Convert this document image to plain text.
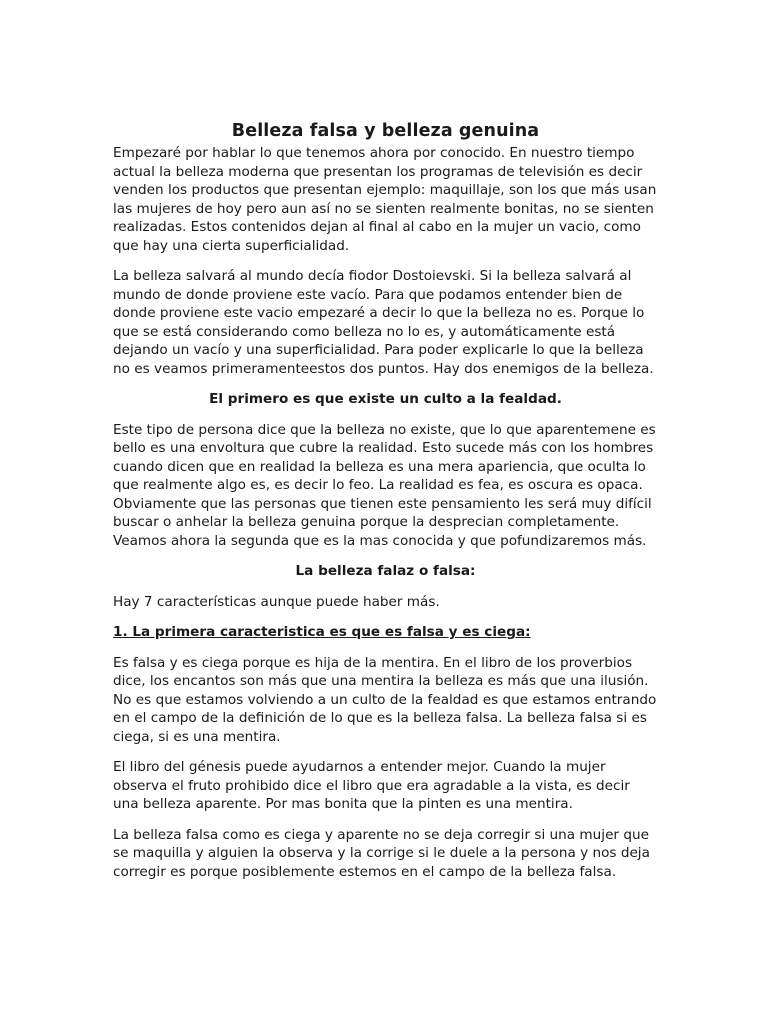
Belleza falsa y belleza genuina

Empezaré por hablar lo que tenemos ahora por conocido. En nuestro tiempo actual la belleza moderna que presentan los programas de televisión es decir venden los productos que presentan ejemplo: maquillaje, son los que más usan las mujeres de hoy pero aun así no se sienten realmente bonitas, no se sienten realizadas. Estos contenidos dejan al final al cabo en la mujer un vacio, como que hay una cierta superficialidad.

La belleza salvará al mundo decía fiodor Dostoievski. Si la belleza salvará al mundo de donde proviene este vacío. Para que podamos entender bien de donde proviene este vacio empezaré a decir lo que la belleza no es. Porque lo que se está considerando como belleza no lo es, y automáticamente está dejando un vacío y una superficialidad. Para poder explicarle lo que la belleza no es veamos primeramenteestos dos puntos. Hay dos enemigos de la belleza.

El primero es que existe un culto a la fealdad.

Este tipo de persona dice que la belleza no existe, que lo que aparentemene es bello es una envoltura que cubre la realidad. Esto sucede más con los hombres cuando dicen que en realidad la belleza es una mera apariencia, que oculta lo que realmente algo es, es decir lo feo. La realidad es fea, es oscura es opaca. Obviamente que las personas que tienen este pensamiento les será muy difícil buscar o anhelar la belleza genuina porque la desprecian completamente. Veamos ahora la segunda que es la mas conocida y que pofundizaremos más.

La belleza falaz o falsa:

Hay 7 características aunque puede haber más.

1. La primera caracteristica es que es falsa y es ciega:

Es falsa y es ciega porque es hija de la mentira. En el libro de los proverbios dice, los encantos son más que una mentira la belleza es más que una ilusión. No es que estamos volviendo a un culto de la fealdad es que estamos entrando en el campo de la definición de lo que es la belleza falsa. La belleza falsa si es ciega, si es una mentira.

El libro del génesis puede ayudarnos a entender mejor. Cuando la mujer observa el fruto prohibido dice el libro que era agradable a la vista, es decir una belleza aparente. Por mas bonita que la pinten es una mentira.

La belleza falsa como es ciega y aparente no se deja corregir si una mujer que se maquilla y alguien la observa y la corrige si le duele a la persona y nos deja corregir es porque posiblemente estemos en el campo de la belleza falsa.
